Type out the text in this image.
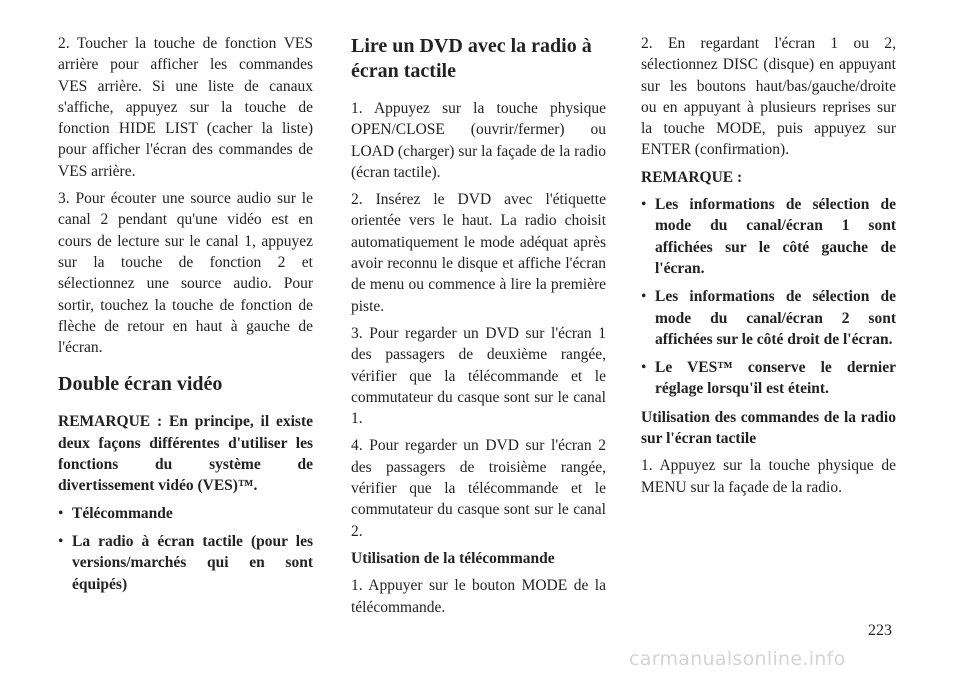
2. Toucher la touche de fonction VES arrière pour afficher les commandes VES arrière. Si une liste de canaux s'affiche, appuyez sur la touche de fonction HIDE LIST (cacher la liste) pour afficher l'écran des commandes de VES arrière.

3. Pour écouter une source audio sur le canal 2 pendant qu'une vidéo est en cours de lecture sur le canal 1, appuyez sur la touche de fonction 2 et sélectionnez une source audio. Pour sortir, touchez la touche de fonction de flèche de retour en haut à gauche de l'écran.

Double écran vidéo

REMARQUE : En principe, il existe deux façons différentes d'utiliser les fonctions du système de divertissement vidéo (VES)™.

• Télécommande
• La radio à écran tactile (pour les versions/marchés qui en sont équipés)
Lire un DVD avec la radio à écran tactile

1. Appuyez sur la touche physique OPEN/CLOSE (ouvrir/fermer) ou LOAD (charger) sur la façade de la radio (écran tactile).

2. Insérez le DVD avec l'étiquette orientée vers le haut. La radio choisit automatiquement le mode adéquat après avoir reconnu le disque et affiche l'écran de menu ou commence à lire la première piste.

3. Pour regarder un DVD sur l'écran 1 des passagers de deuxième rangée, vérifier que la télécommande et le commutateur du casque sont sur le canal 1.

4. Pour regarder un DVD sur l'écran 2 des passagers de troisième rangée, vérifier que la télécommande et le commutateur du casque sont sur le canal 2.

Utilisation de la télécommande

1. Appuyer sur le bouton MODE de la télécommande.

2. En regardant l'écran 1 ou 2, sélectionnez DISC (disque) en appuyant sur les boutons haut/bas/gauche/droite ou en appuyant à plusieurs reprises sur la touche MODE, puis appuyez sur ENTER (confirmation).

REMARQUE :

• Les informations de sélection de mode du canal/écran 1 sont affichées sur le côté gauche de l'écran.
• Les informations de sélection de mode du canal/écran 2 sont affichées sur le côté droit de l'écran.
• Le VES™ conserve le dernier réglage lorsqu'il est éteint.

Utilisation des commandes de la radio sur l'écran tactile

1. Appuyez sur la touche physique de MENU sur la façade de la radio.

223
carmanualsonline.info
